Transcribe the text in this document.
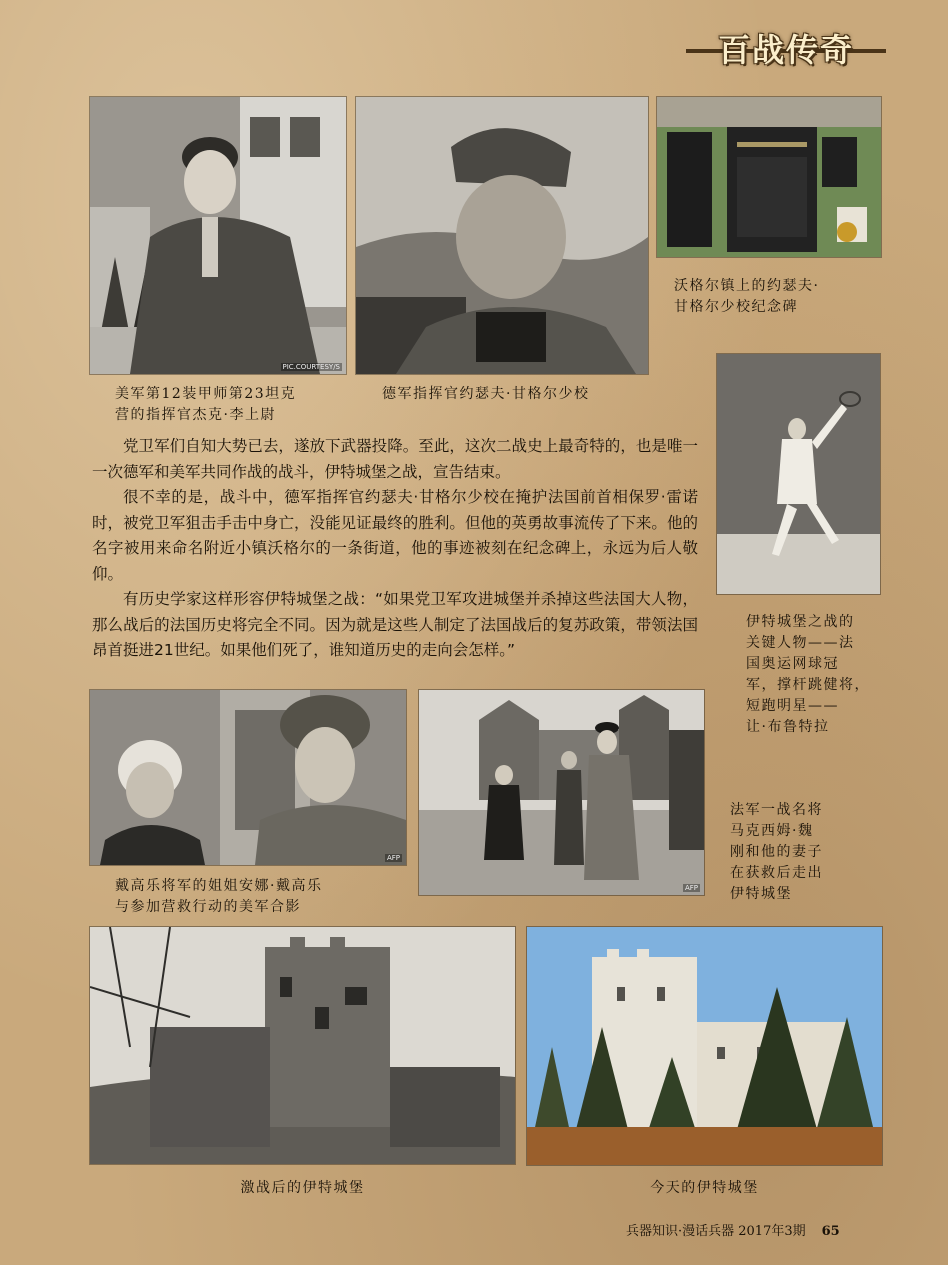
百战传奇
PIC.COURTESY/S
美军第12装甲师第23坦克
营的指挥官杰克·李上尉
德军指挥官约瑟夫·甘格尔少校
沃格尔镇上的约瑟夫·
甘格尔少校纪念碑
伊特城堡之战的
关键人物——法
国奥运网球冠
军，撑杆跳健将，
短跑明星——
让·布鲁特拉

党卫军们自知大势已去，遂放下武器投降。至此，这次二战史上最奇特的，也是唯一一次德军和美军共同作战的战斗，伊特城堡之战，宣告结束。

很不幸的是，战斗中，德军指挥官约瑟夫·甘格尔少校在掩护法国前首相保罗·雷诺时，被党卫军狙击手击中身亡，没能见证最终的胜利。但他的英勇故事流传了下来。他的名字被用来命名附近小镇沃格尔的一条街道，他的事迹被刻在纪念碑上，永远为后人敬仰。

有历史学家这样形容伊特城堡之战：“如果党卫军攻进城堡并杀掉这些法国大人物，那么战后的法国历史将完全不同。因为就是这些人制定了法国战后的复苏政策，带领法国昂首挺进21世纪。如果他们死了，谁知道历史的走向会怎样。”

AFP
AFP
戴高乐将军的姐姐安娜·戴高乐
与参加营救行动的美军合影
法军一战名将
马克西姆·魏
刚和他的妻子
在获救后走出
伊特城堡
激战后的伊特城堡	今天的伊特城堡
兵器知识·漫话兵器 2017年3期 65
